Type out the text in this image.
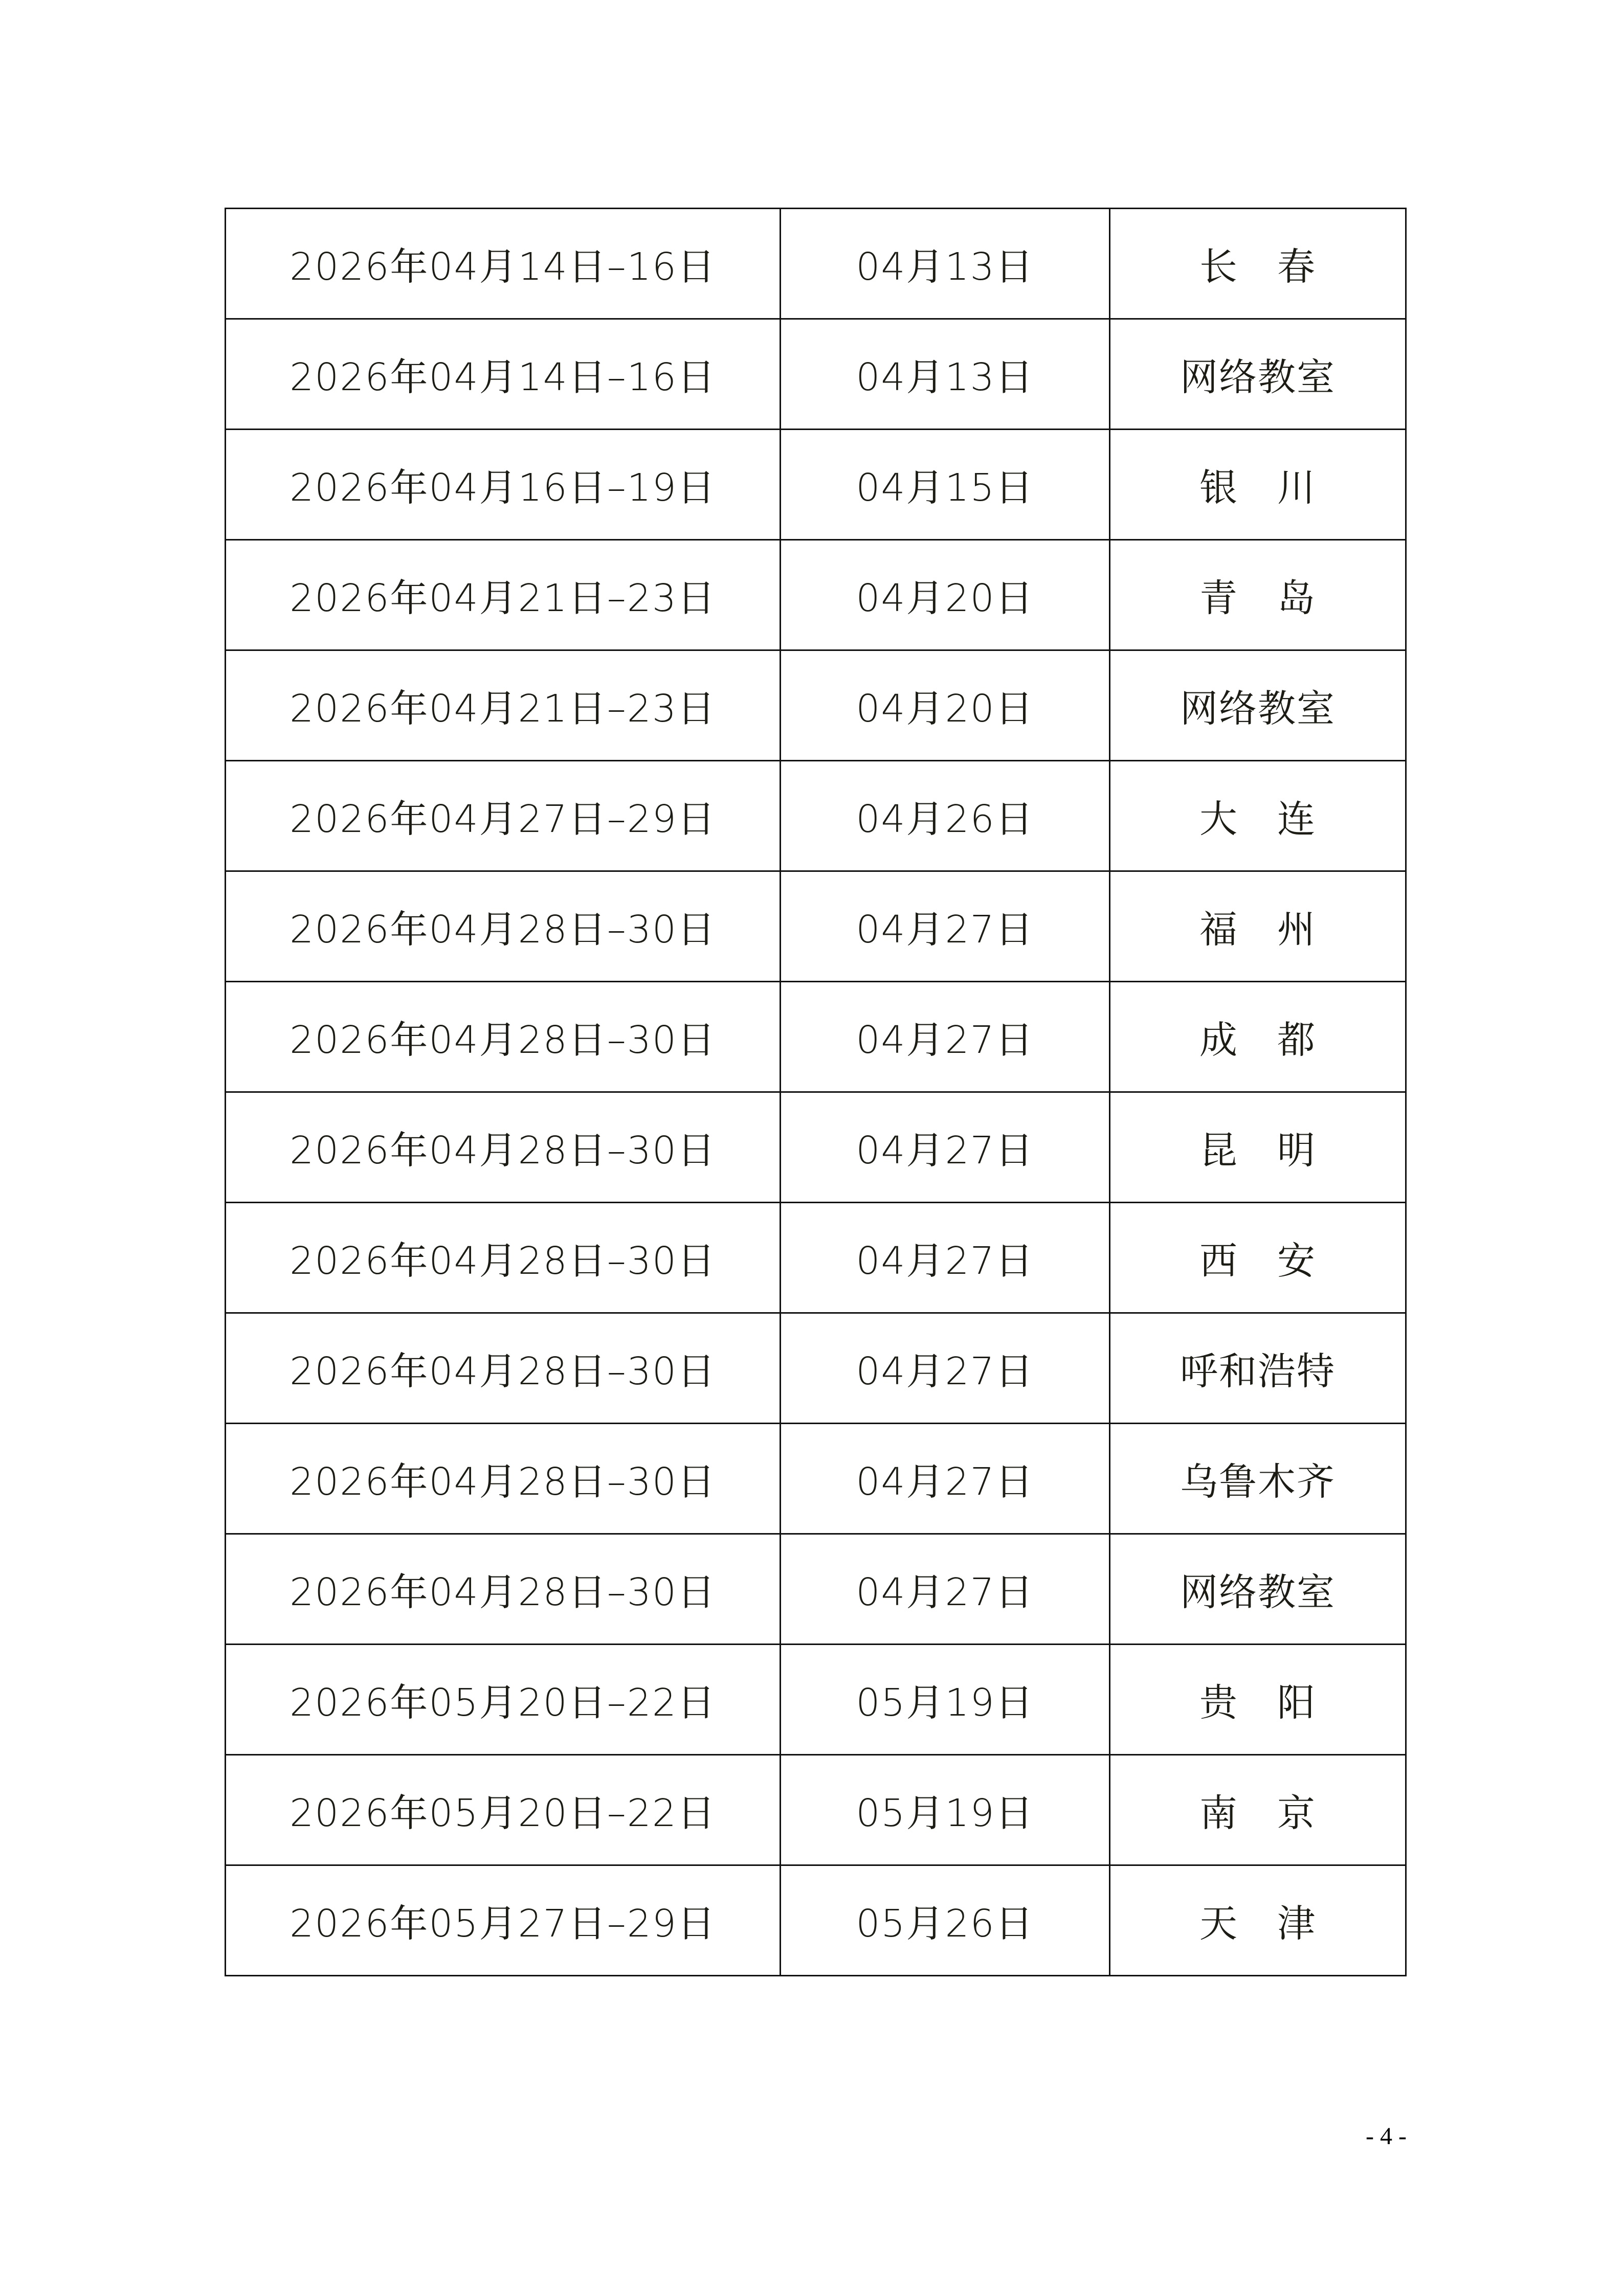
2026年04月14日–16日	04月13日	长　春
2026年04月14日–16日	04月13日	网络教室
2026年04月16日–19日	04月15日	银　川
2026年04月21日–23日	04月20日	青　岛
2026年04月21日–23日	04月20日	网络教室
2026年04月27日–29日	04月26日	大　连
2026年04月28日–30日	04月27日	福　州
2026年04月28日–30日	04月27日	成　都
2026年04月28日–30日	04月27日	昆　明
2026年04月28日–30日	04月27日	西　安
2026年04月28日–30日	04月27日	呼和浩特
2026年04月28日–30日	04月27日	乌鲁木齐
2026年04月28日–30日	04月27日	网络教室
2026年05月20日–22日	05月19日	贵　阳
2026年05月20日–22日	05月19日	南　京
2026年05月27日–29日	05月26日	天　津
- 4 -
